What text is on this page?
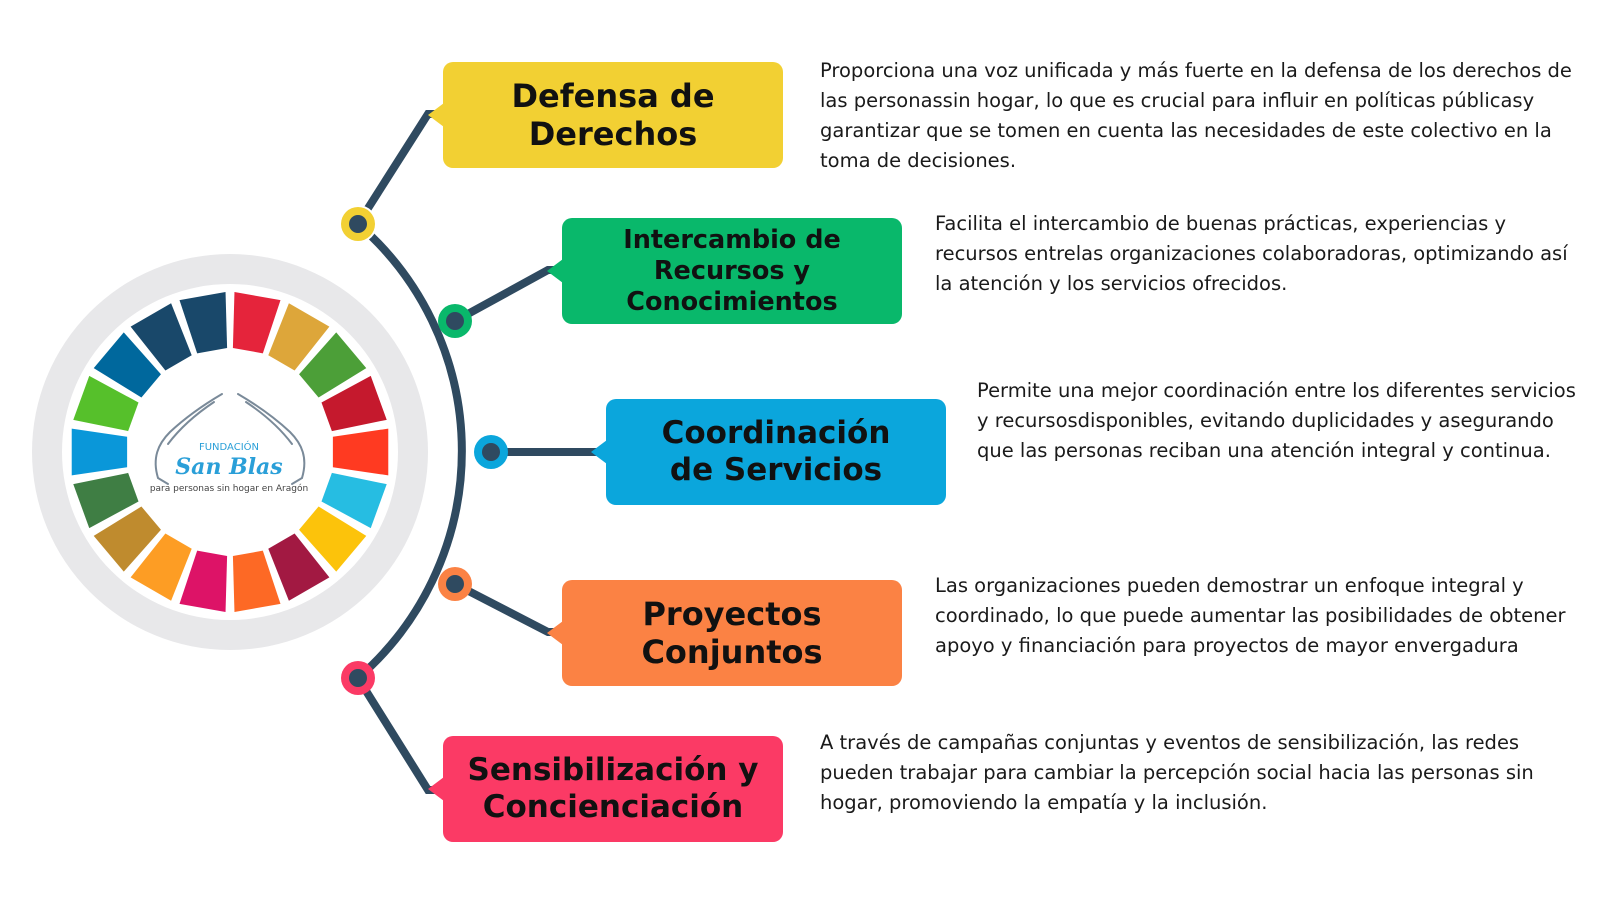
FUNDACIÓN
San Blas
para personas sin hogar en Aragón
Defensa de
Derechos

Proporciona una voz unificada y más fuerte en la defensa de los derechos de las personassin hogar, lo que es crucial para influir en políticas públicasy garantizar que se tomen en cuenta las necesidades de este colectivo en la toma de decisiones.

Intercambio de
Recursos y
Conocimientos

Facilita el intercambio de buenas prácticas, experiencias y recursos entrelas organizaciones colaboradoras, optimizando así la atención y los servicios ofrecidos.

Coordinación
de Servicios

Permite una mejor coordinación entre los diferentes servicios y recursosdisponibles, evitando duplicidades y asegurando que las personas reciban una atención integral y continua.

Proyectos
Conjuntos

Las organizaciones pueden demostrar un enfoque integral y coordinado, lo que puede aumentar las posibilidades de obtener apoyo y financiación para proyectos de mayor envergadura

Sensibilización y
Concienciación

A través de campañas conjuntas y eventos de sensibilización, las redes pueden trabajar para cambiar la percepción social hacia las personas sin hogar, promoviendo la empatía y la inclusión.
